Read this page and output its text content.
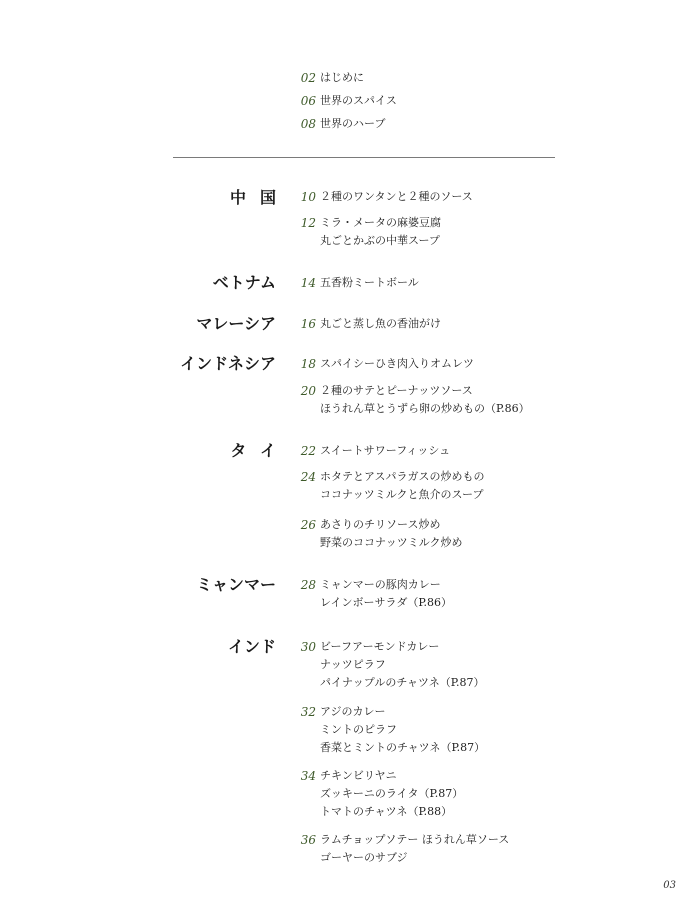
02 はじめに
06 世界のスパイス
08 世界のハーブ
中国 10 ２種のワンタンと２種のソース
12 ミラ・メータの麻婆豆腐
丸ごとかぶの中華スープ
ベトナム	14 五香粉ミートボール
マレーシア	16 丸ごと蒸し魚の香油がけ
インドネシア	18 スパイシーひき肉入りオムレツ
20 ２種のサテとピーナッツソース
ほうれん草とうずら卵の炒めもの（P.86）
タイ 22 スイートサワーフィッシュ
24 ホタテとアスパラガスの炒めもの
ココナッツミルクと魚介のスープ
26 あさりのチリソース炒め
野菜のココナッツミルク炒め
ミャンマー	28 ミャンマーの豚肉カレー
レインボーサラダ（P.86）
インド	30 ビーフアーモンドカレー
ナッツピラフ
パイナップルのチャツネ（P.87）
32 アジのカレー
ミントのピラフ
香菜とミントのチャツネ（P.87）
34 チキンビリヤニ
ズッキーニのライタ（P.87）
トマトのチャツネ（P.88）
36 ラムチョップソテー ほうれん草ソース
ゴーヤーのサブジ
03
